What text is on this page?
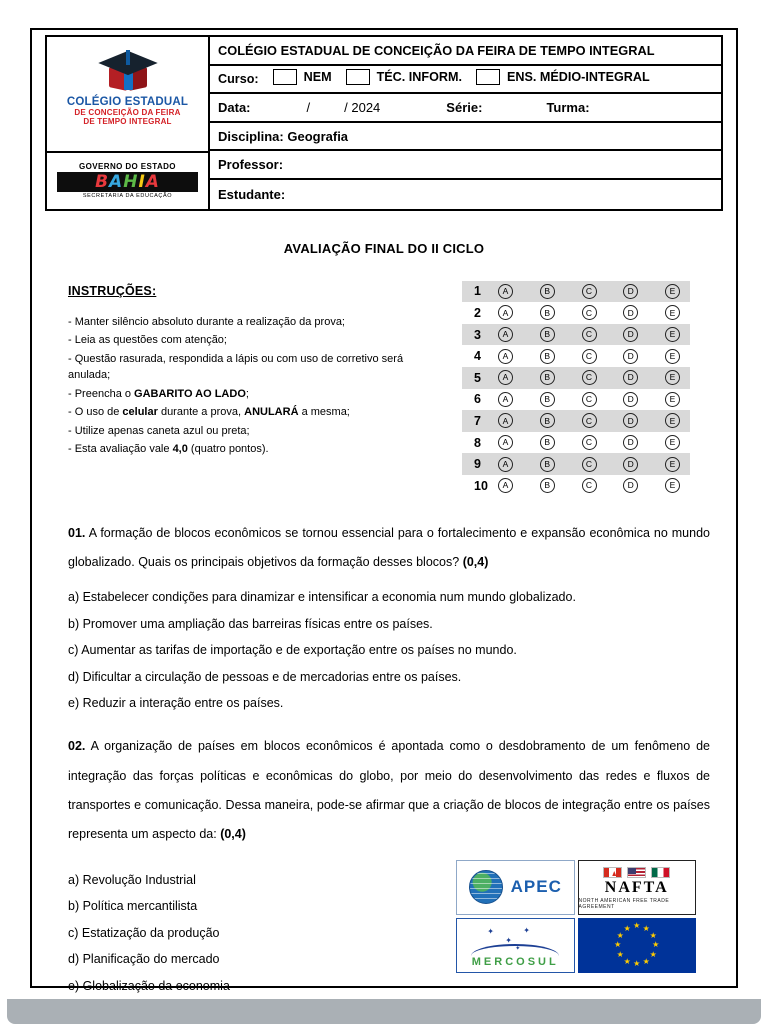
COLÉGIO ESTADUAL
DE CONCEIÇÃO DA FEIRA
DE TEMPO INTEGRAL
GOVERNO DO ESTADO
BAHIA
SECRETARIA DA EDUCAÇÃO
COLÉGIO ESTADUAL DE CONCEIÇÃO DA FEIRA DE TEMPO INTEGRAL
Curso:	NEM	TÉC. INFORM.	ENS. MÉDIO-INTEGRAL
Data:	/	/ 2024	Série:	Turma:
Disciplina: Geografia
Professor:
Estudante:
AVALIAÇÃO FINAL DO II CICLO
INSTRUÇÕES:
- Manter silêncio absoluto durante a realização da prova;
- Leia as questões com atenção;
- Questão rasurada, respondida a lápis ou com uso de corretivo será anulada;
- Preencha o GABARITO AO LADO;
- O uso de celular durante a prova, ANULARÁ a mesma;
- Utilize apenas caneta azul ou preta;
- Esta avaliação vale 4,0 (quatro pontos).
1	A	B	C	D	E
2	A	B	C	D	E
3	A	B	C	D	E
4	A	B	C	D	E
5	A	B	C	D	E
6	A	B	C	D	E
7	A	B	C	D	E
8	A	B	C	D	E
9	A	B	C	D	E
10	A	B	C	D	E

01. A formação de blocos econômicos se tornou essencial para o fortalecimento e expansão econômica no mundo globalizado. Quais os principais objetivos da formação desses blocos? (0,4)

a) Estabelecer condições para dinamizar e intensificar a economia num mundo globalizado.
b) Promover uma ampliação das barreiras físicas entre os países.
c) Aumentar as tarifas de importação e de exportação entre os países no mundo.
d) Dificultar a circulação de pessoas e de mercadorias entre os países.
e) Reduzir a interação entre os países.

02. A organização de países em blocos econômicos é apontada como o desdobramento de um fenômeno de integração das forças políticas e econômicas do globo, por meio do desenvolvimento das redes e fluxos de transportes e comunicação. Dessa maneira, pode-se afirmar que a criação de blocos de integração entre os países representa um aspecto da: (0,4)

a) Revolução Industrial
b) Política mercantilista
c) Estatização da produção
d) Planificação do mercado
e) Globalização da economia
APEC	NAFTA
NORTH AMERICAN FREE TRADE AGREEMENT
✦
✦
✦
✦
MERCOSUL
★ ★
★
★
★
★
★
★
★
★
★
★
